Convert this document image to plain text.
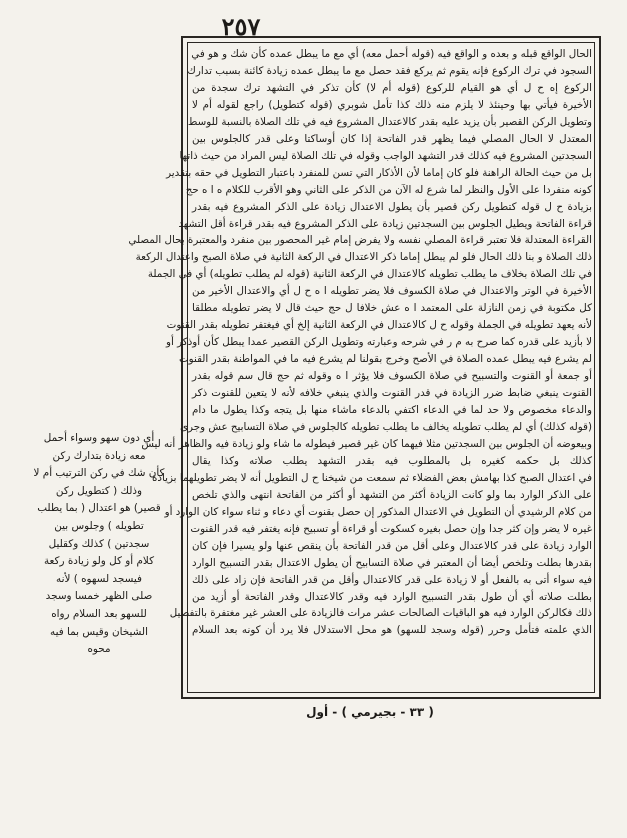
٢٥٧
الحال الواقع قبله و بعده و الواقع فيه (قوله أحمل معه) أي مع ما يبطل عمده كأن شك و هو في
السجود في ترك الركوع فإنه يقوم ثم يركع فقد حصل مع ما يبطل عمده زيادة كائنة بسبب تدارك
الركوع إه ح ل أي هو القيام للركوع (قوله أم لا) كأن تذكر في التشهد ترك سجدة من
الأخيرة فيأتي بها وحينئذ لا يلزم منه ذلك كذا تأمل شوبري (قوله كتطويل) راجع لقوله أم لا
وتطويل الركن القصير بأن يزيد عليه بقدر كالاعتدال المشروع فيه في تلك الصلاة بالنسبة للوسط
المعتدل لا الحال المصلي فيما يظهر قدر الفاتحة إذا كان أوساكتا وعلى قدر كالجلوس بين
السجدتين المشروع فيه كذلك قدر التشهد الواجب وقوله في تلك الصلاة ليس المراد من حيث ذاتها
بل من حيث الحالة الراهنة فلو كان إماما لأن الأذكار التي تسن للمنفرد باعتبار التطويل في حقه بتقدير
كونه منفردا على الأول والنظر لما شرع له الآن من الذكر على الثاني وهو الأقرب للكلام ه ا ه حج
بزيادة ح ل قوله كتطويل ركن قصير بأن يطول الاعتدال زيادة على الذكر المشروع فيه بقدر
قراءة الفاتحة ويطيل الجلوس بين السجدتين زيادة على الذكر المشروع فيه بقدر قراءة أقل التشهد
القراءة المعتدلة فلا تعتبر قراءة المصلي نفسه ولا يفرض إمام غير المحصور بين منفرد والمعتبرة بحال المصلي
ذلك الصلاة و بنا ذلك الحال فلو لم يبطل إماما ذكر الاعتدال في الركعة الثانية في صلاة الصبح واعتدال الركعة
في تلك الصلاة بخلاف ما يطلب تطويله كالاعتدال في الركعة الثانية (قوله لم يطلب تطويله) أي في الجملة
الأخيرة في الوتر والاعتدال في صلاة الكسوف فلا يضر تطويله ا ه ح ل أي والاعتدال الأخير من
كل مكتوبة في زمن النازلة على المعتمد ا ه عش خلافا ل حج حيث قال لا يضر تطويله مطلقا
لأنه يعهد تطويله في الجملة وقوله ح ل كالاعتدال في الركعة الثانية إلخ أي فيغتفر تطويله بقدر القنوت
لا بأزيد على قدره كما صرح به م ر في شرحه وعبارته وتطويل الركن القصير عمدا يبطل كأن أوذكر أو
لم يشرع فيه يبطل عمده الصلاة في الأصح وخرج بقولنا لم يشرع فيه ما في المواطنة بقدر القنوت
أو جمعة أو القنوت والتسبيح في صلاة الكسوف فلا يؤثر ا ه وقوله ثم حج قال سم قوله بقدر
القنوت ينبغي ضابط ضرر الزيادة في قدر القنوت والذي ينبغي خلافه لأنه لا يتعين للقنوت ذكر
والدعاء مخصوص ولا حد لما في الدعاء اكتفي بالدعاء ماشاء منها بل يتجه وكذا يطول ما دام
(قوله كذلك) أي لم يطلب تطويله يخالف ما يطلب تطويله كالجلوس في صلاة التسابيح عش وجرى
وبيعوضه أن الجلوس بين السجدتين مثلا فيهما كان غير قصير فيطوله ما شاء ولو زيادة فيه والظاهر أنه ليس
كذلك بل حكمه كغيره بل بالمطلوب فيه بقدر التشهد يطلب صلاته وكذا يقال
في اعتدال الصبح كذا بهامش بعض الفضلاء ثم سمعت من شيخنا ح ل التطويل أنه لا يضر تطويلهما بزيادة
على الذكر الوارد بما ولو كانت الزيادة أكثر من التشهد أو أكثر من الفاتحة انتهى والذي تلخص
من كلام الرشيدي أن التطويل في الاعتدال المذكور إن حصل بقنوت أي دعاء و ثناء سواء كان الوارد أو
غيره لا يضر وإن كثر جدا وإن حصل بغيره كسكوت أو قراءة أو تسبيح فإنه يغتفر فيه قدر القنوت
الوارد زيادة على قدر كالاعتدال وعلى أقل من قدر الفاتحة بأن ينقص عنها ولو يسيرا فإن كان
بقدرها بطلت وتلخص أيضا أن المعتبر في صلاة التسابيح أن يطول الاعتدال بقدر التسبيح الوارد
فيه سواء أتى به بالفعل أو لا زيادة على قدر كالاعتدال وأقل من قدر الفاتحة فإن زاد على ذلك
بطلت صلاته أي أن طول بقدر التسبيح الوارد فيه وقدر كالاعتدال وقدر الفاتحة أو أزيد من
ذلك فكالركن الوارد فيه هو الباقيات الصالحات عشر مرات فالزيادة على العشر غير مغتفرة بالتفصيل
الذي علمته فتأمل وحرر (قوله وسجد للسهو) هو محل الاستدلال فلا يرد أن كونه بعد السلام
أي دون سهو وسواء أحمل
معه زيادة بتدارك ركن
كأن شك في ركن الترتيب أم لا
وذلك ( كتطويل ركن
قصير) هو اعتدال ( بما يطلب
تطويله ) وجلوس بين
سجدتين ) كذلك وكقليل
كلام أو كل ولو زيادة ركعة
فيسجد لسهوه ) لأنه
صلى الظهر خمسا وسجد
للسهو بعد السلام رواه
الشيخان وقيس بما فيه
محوه
( ٣٣ - بجيرمي ) - أول
